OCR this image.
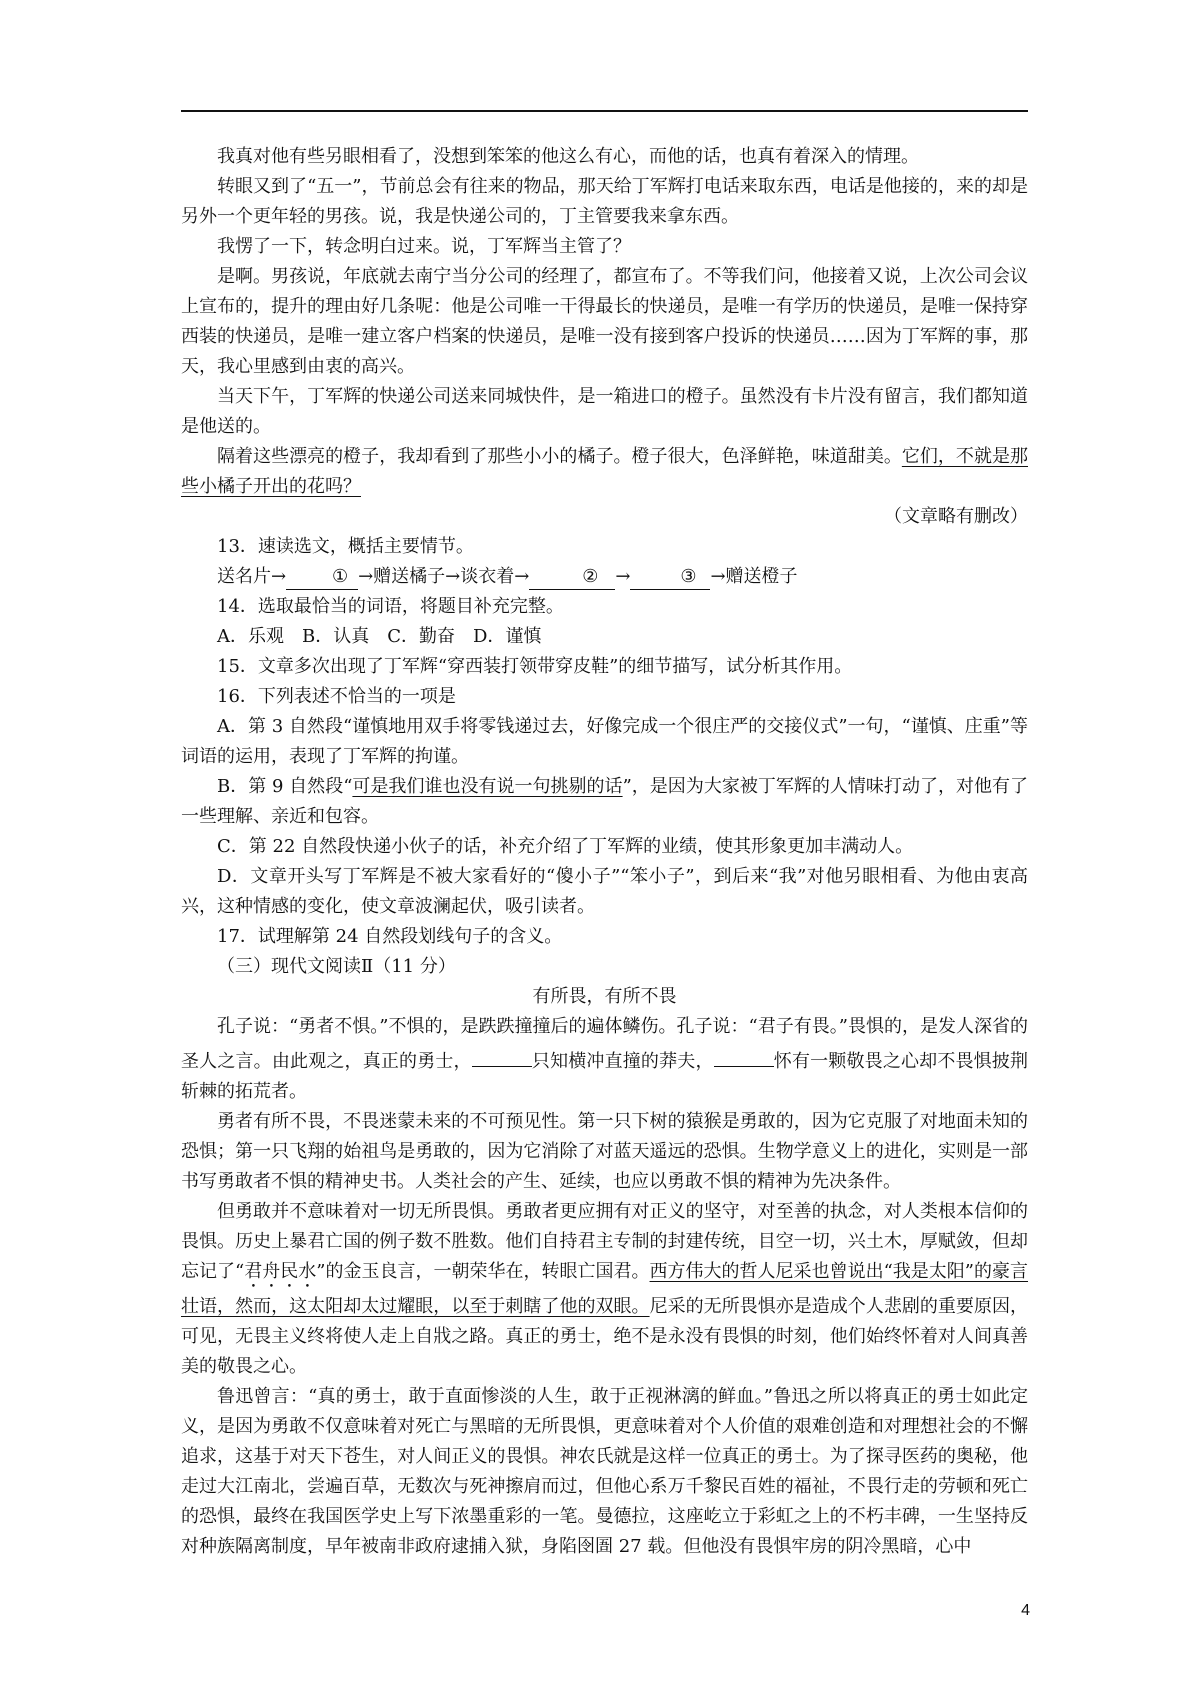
我真对他有些另眼相看了，没想到笨笨的他这么有心，而他的话，也真有着深入的情理。

转眼又到了“五一”，节前总会有往来的物品，那天给丁军辉打电话来取东西，电话是他接的，来的却是另外一个更年轻的男孩。说，我是快递公司的，丁主管要我来拿东西。

我愣了一下，转念明白过来。说，丁军辉当主管了？

是啊。男孩说，年底就去南宁当分公司的经理了，都宣布了。不等我们问，他接着又说，上次公司会议上宣布的，提升的理由好几条呢：他是公司唯一干得最长的快递员，是唯一有学历的快递员，是唯一保持穿西装的快递员，是唯一建立客户档案的快递员，是唯一没有接到客户投诉的快递员……因为丁军辉的事，那天，我心里感到由衷的高兴。

当天下午，丁军辉的快递公司送来同城快件，是一箱进口的橙子。虽然没有卡片没有留言，我们都知道是他送的。

隔着这些漂亮的橙子，我却看到了那些小小的橘子。橙子很大，色泽鲜艳，味道甜美。它们，不就是那些小橘子开出的花吗？

（文章略有删改）

13．速读选文，概括主要情节。

送名片→	① →赠送橘子→谈衣着→	② →	③ →赠送橙子

14．选取最恰当的词语，将题目补充完整。

A．乐观　B．认真　C．勤奋　D．谨慎

15．文章多次出现了丁军辉“穿西装打领带穿皮鞋”的细节描写，试分析其作用。

16．下列表述不恰当的一项是

A．第 3 自然段“谨慎地用双手将零钱递过去，好像完成一个很庄严的交接仪式”一句，“谨慎、庄重”等词语的运用，表现了丁军辉的拘谨。

B．第 9 自然段“可是我们谁也没有说一句挑剔的话”，是因为大家被丁军辉的人情味打动了，对他有了一些理解、亲近和包容。

C．第 22 自然段快递小伙子的话，补充介绍了丁军辉的业绩，使其形象更加丰满动人。

D．文章开头写丁军辉是不被大家看好的“傻小子”“笨小子”，到后来“我”对他另眼相看、为他由衷高兴，这种情感的变化，使文章波澜起伏，吸引读者。

17．试理解第 24 自然段划线句子的含义。

（三）现代文阅读Ⅱ（11 分）

有所畏，有所不畏

孔子说：“勇者不惧。”不惧的，是跌跌撞撞后的遍体鳞伤。孔子说：“君子有畏。”畏惧的，是发人深省的圣人之言。由此观之，真正的勇士，	只知横冲直撞的莽夫，	怀有一颗敬畏之心却不畏惧披荆斩棘的拓荒者。

勇者有所不畏，不畏迷蒙未来的不可预见性。第一只下树的猿猴是勇敢的，因为它克服了对地面未知的恐惧；第一只飞翔的始祖鸟是勇敢的，因为它消除了对蓝天遥远的恐惧。生物学意义上的进化，实则是一部书写勇敢者不惧的精神史书。人类社会的产生、延续，也应以勇敢不惧的精神为先决条件。

但勇敢并不意味着对一切无所畏惧。勇敢者更应拥有对正义的坚守，对至善的执念，对人类根本信仰的畏惧。历史上暴君亡国的例子数不胜数。他们自持君主专制的封建传统，目空一切，兴土木，厚赋敛，但却忘记了“君舟民水”的金玉良言，一朝荣华在，转眼亡国君。西方伟大的哲人尼采也曾说出“我是太阳”的豪言壮语，然而，这太阳却太过耀眼，以至于刺瞎了他的双眼。尼采的无所畏惧亦是造成个人悲剧的重要原因，可见，无畏主义终将使人走上自戕之路。真正的勇士，绝不是永没有畏惧的时刻，他们始终怀着对人间真善美的敬畏之心。

鲁迅曾言：“真的勇士，敢于直面惨淡的人生，敢于正视淋漓的鲜血。”鲁迅之所以将真正的勇士如此定义，是因为勇敢不仅意味着对死亡与黑暗的无所畏惧，更意味着对个人价值的艰难创造和对理想社会的不懈追求，这基于对天下苍生，对人间正义的畏惧。神农氏就是这样一位真正的勇士。为了探寻医药的奥秘，他走过大江南北，尝遍百草，无数次与死神擦肩而过，但他心系万千黎民百姓的福祉，不畏行走的劳顿和死亡的恐惧，最终在我国医学史上写下浓墨重彩的一笔。曼德拉，这座屹立于彩虹之上的不朽丰碑，一生坚持反对种族隔离制度，早年被南非政府逮捕入狱，身陷囹圄 27 载。但他没有畏惧牢房的阴冷黑暗，心中

4
